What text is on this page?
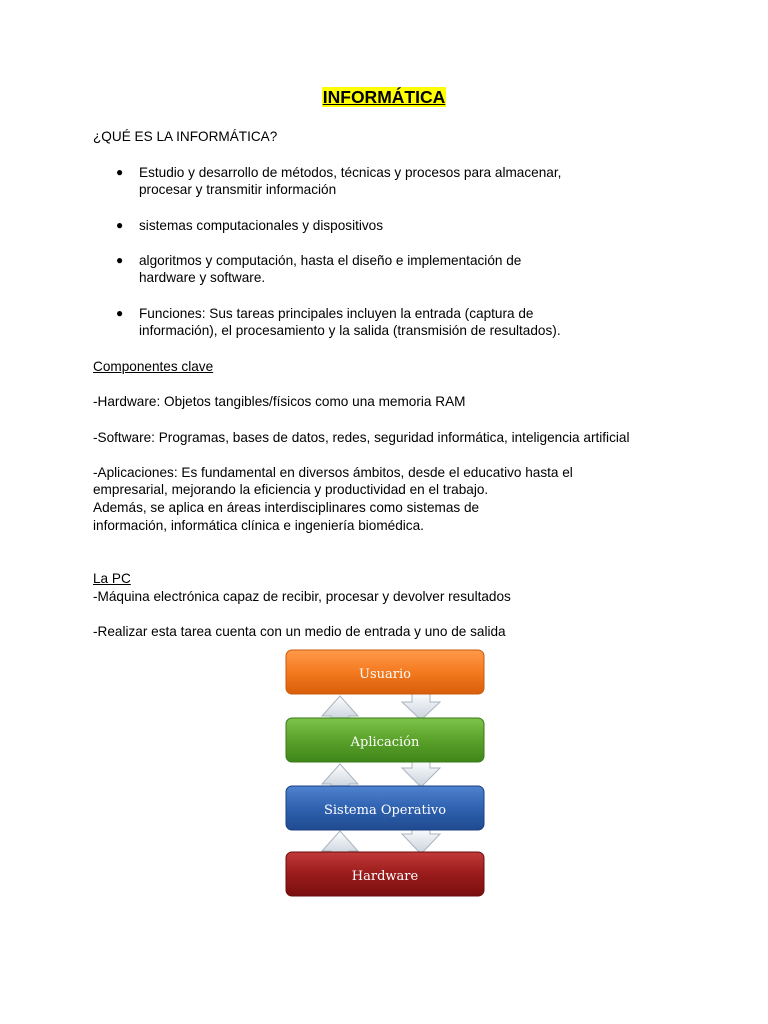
INFORMÁTICA
¿QUÉ ES LA INFORMÁTICA?
● Estudio y desarrollo de métodos, técnicas y procesos para almacenar,
procesar y transmitir información
● sistemas computacionales y dispositivos
● algoritmos y computación, hasta el diseño e implementación de
hardware y software.
● Funciones: Sus tareas principales incluyen la entrada (captura de
información), el procesamiento y la salida (transmisión de resultados).
Componentes clave
-Hardware: Objetos tangibles/físicos como una memoria RAM
-Software: Programas, bases de datos, redes, seguridad informática, inteligencia artificial
-Aplicaciones: Es fundamental en diversos ámbitos, desde el educativo hasta el
empresarial, mejorando la eficiencia y productividad en el trabajo.
Además, se aplica en áreas interdisciplinares como sistemas de
información, informática clínica e ingeniería biomédica.
La PC
-Máquina electrónica capaz de recibir, procesar y devolver resultados
-Realizar esta tarea cuenta con un medio de entrada y uno de salida
Usuario
Aplicación
Sistema Operativo
Hardware
